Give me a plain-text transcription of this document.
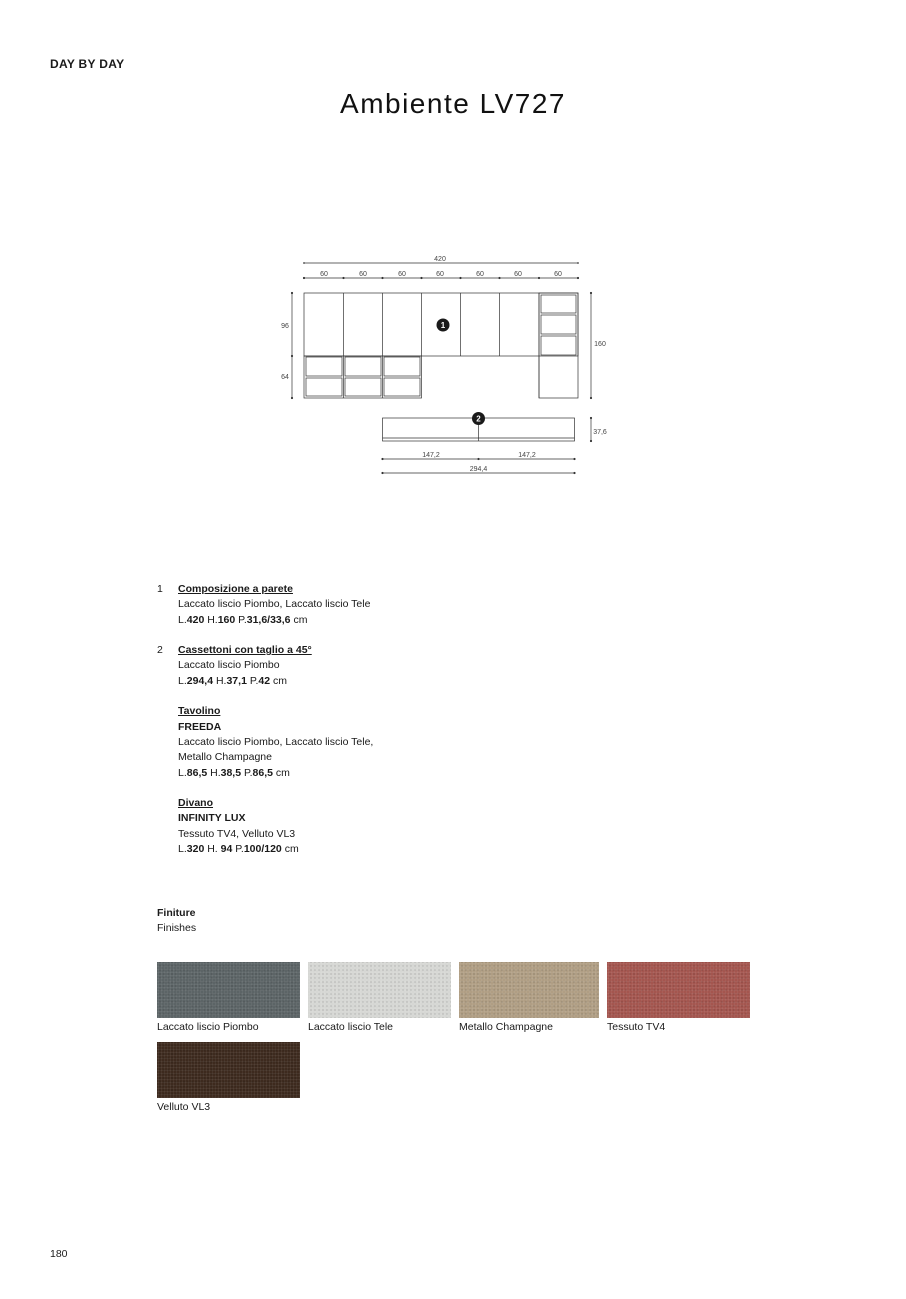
DAY BY DAY
Ambiente LV727
1
2
420
60	60	60	60	60	60	60
96
64
160
37,6
147,2	147,2
294,4
1 Composizione a parete
Laccato liscio Piombo, Laccato liscio Tele
L.420 H.160 P.31,6/33,6 cm
2 Cassettoni con taglio a 45°
Laccato liscio Piombo
L.294,4 H.37,1 P.42 cm
Tavolino
FREEDA
Laccato liscio Piombo, Laccato liscio Tele,
Metallo Champagne
L.86,5 H.38,5 P.86,5 cm
Divano
INFINITY LUX
Tessuto TV4, Velluto VL3
L.320 H. 94 P.100/120 cm
Finiture
Finishes
Laccato liscio Piombo	Laccato liscio Tele	Metallo Champagne	Tessuto TV4
Velluto VL3
180
